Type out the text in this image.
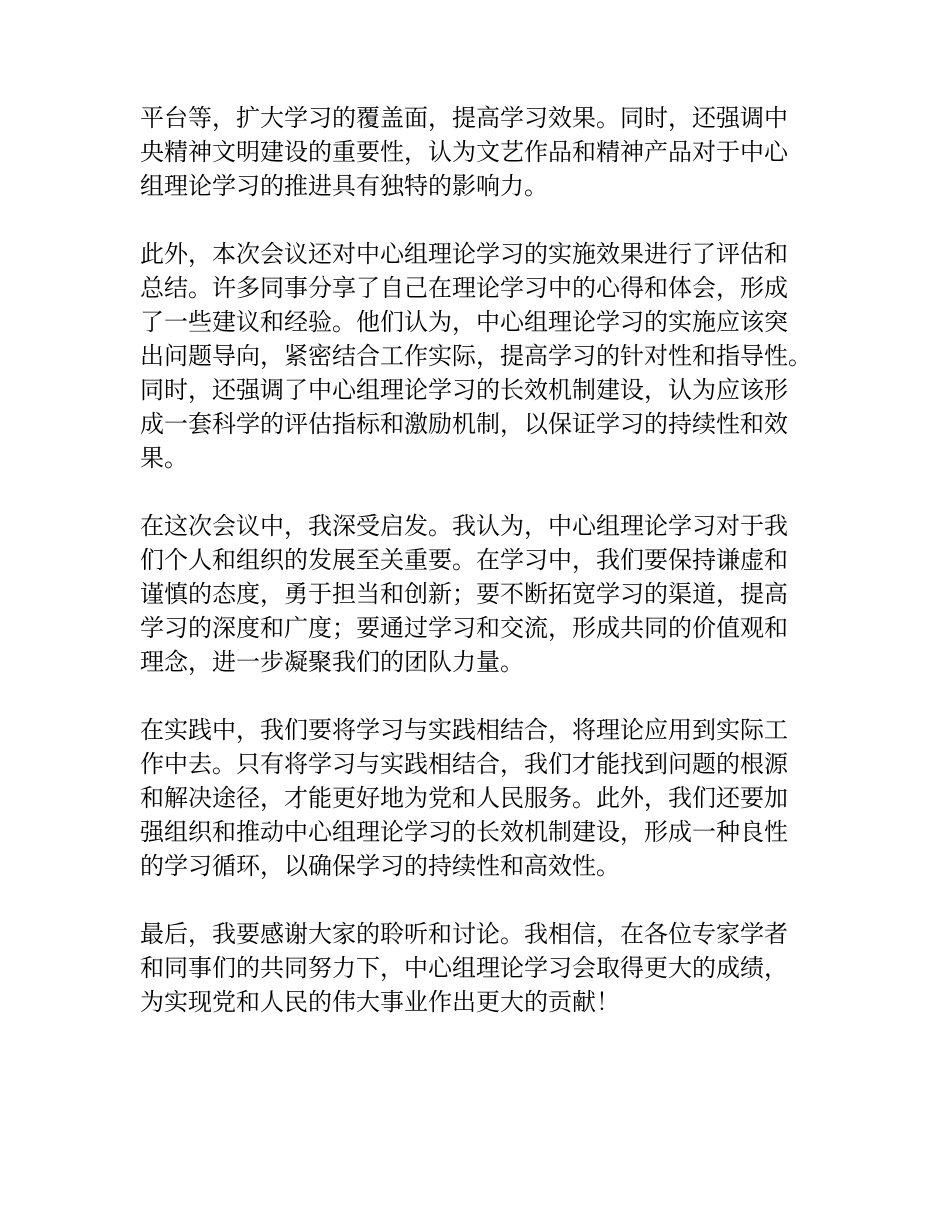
平台等，扩大学习的覆盖面，提高学习效果。同时，还强调中
央精神文明建设的重要性，认为文艺作品和精神产品对于中心
组理论学习的推进具有独特的影响力。

此外，本次会议还对中心组理论学习的实施效果进行了评估和
总结。许多同事分享了自己在理论学习中的心得和体会，形成
了一些建议和经验。他们认为，中心组理论学习的实施应该突
出问题导向，紧密结合工作实际，提高学习的针对性和指导性。
同时，还强调了中心组理论学习的长效机制建设，认为应该形
成一套科学的评估指标和激励机制，以保证学习的持续性和效
果。

在这次会议中，我深受启发。我认为，中心组理论学习对于我
们个人和组织的发展至关重要。在学习中，我们要保持谦虚和
谨慎的态度，勇于担当和创新；要不断拓宽学习的渠道，提高
学习的深度和广度；要通过学习和交流，形成共同的价值观和
理念，进一步凝聚我们的团队力量。

在实践中，我们要将学习与实践相结合，将理论应用到实际工
作中去。只有将学习与实践相结合，我们才能找到问题的根源
和解决途径，才能更好地为党和人民服务。此外，我们还要加
强组织和推动中心组理论学习的长效机制建设，形成一种良性
的学习循环，以确保学习的持续性和高效性。

最后，我要感谢大家的聆听和讨论。我相信，在各位专家学者
和同事们的共同努力下，中心组理论学习会取得更大的成绩，
为实现党和人民的伟大事业作出更大的贡献！
